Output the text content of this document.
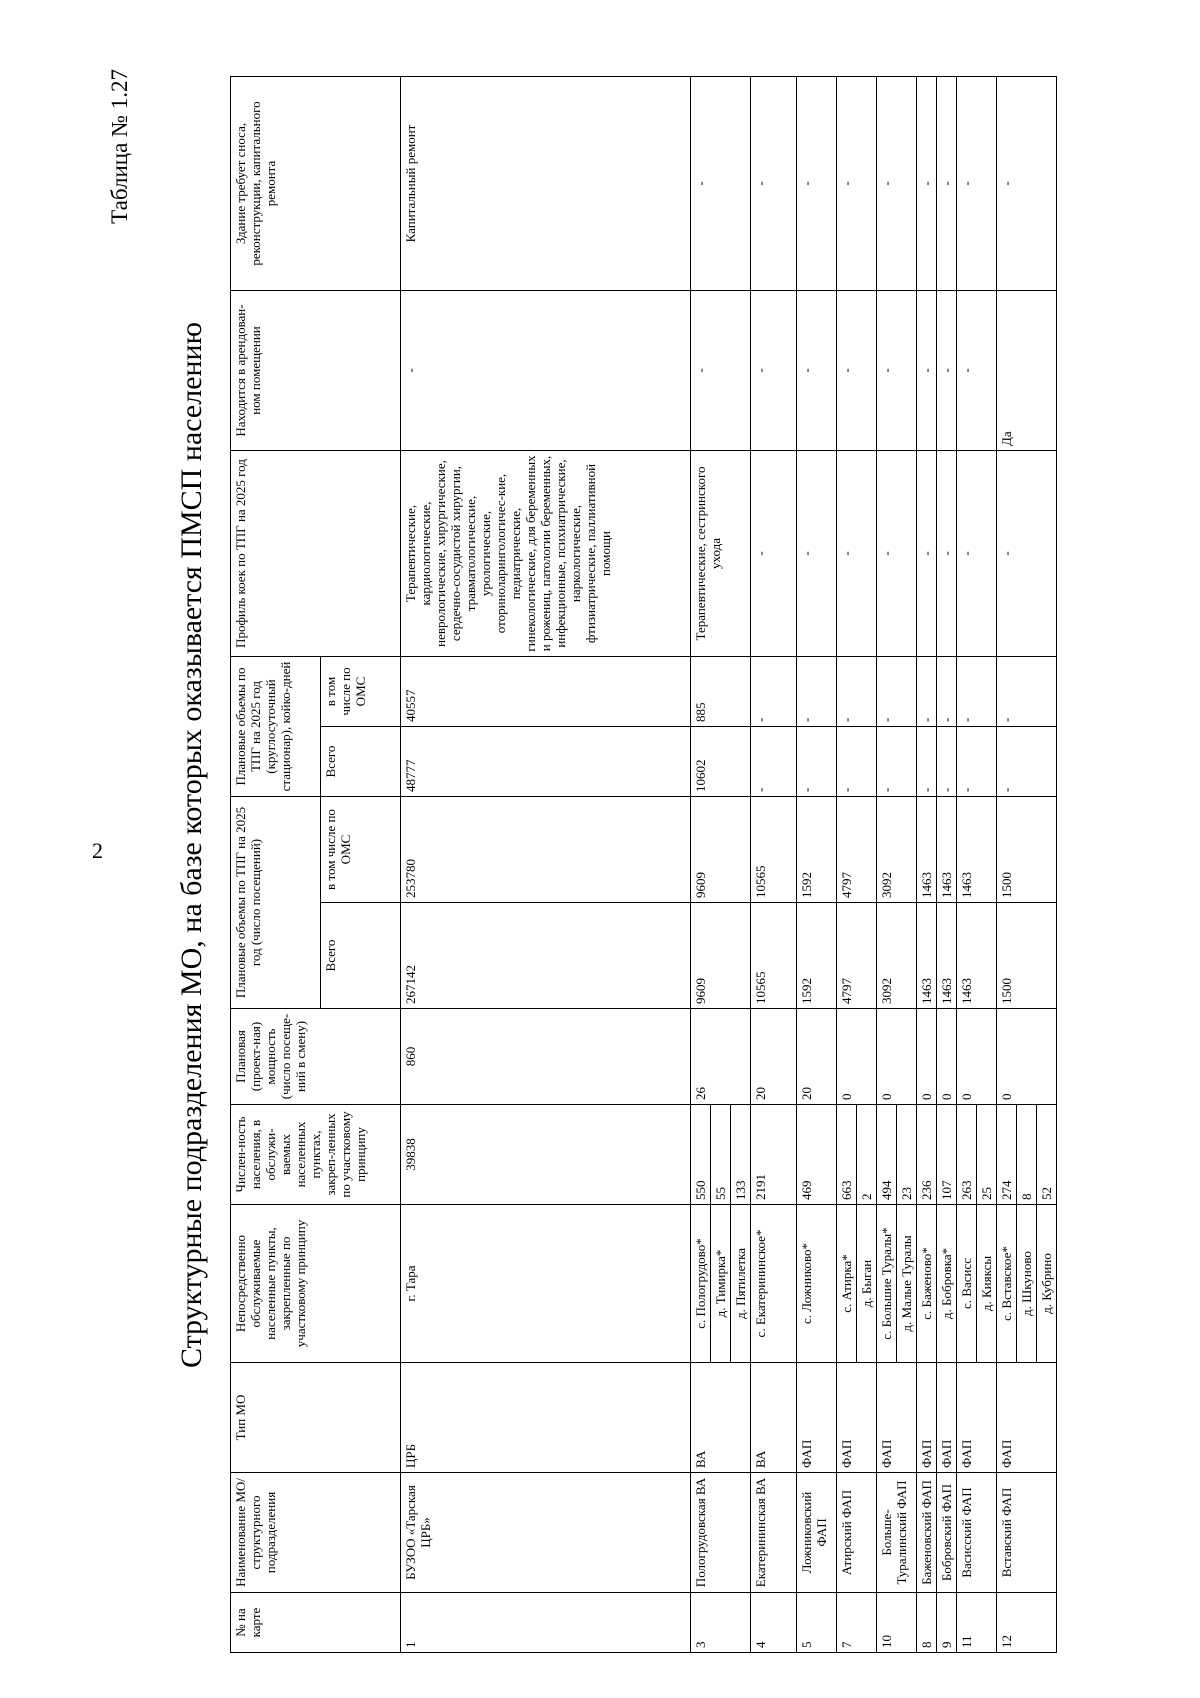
2
Таблица № 1.27
Структурные подразделения МО, на базе которых оказывается ПМСП населению
№ на карте	Наименование МО/ структурного подразделения	Тип МО	Непосредственно обслуживаемые населенные пункты, закрепленные по участковому принципу	Числен-ность населения, в обслужи-ваемых населенных пунктах, закреп-ленных по участковому принципу	Плановая (проект-ная) мощность (число посеще-ний в смену)	Плановые объемы по ТПГ на 2025 год (число посещений)		Плановые объемы по ТПГ на 2025 год (круглосуточный стационар), койко-дней		Профиль коек по ТПГ на 2025 год	Находится в арендован-ном помещении	Здание требует сноса, реконструкции, капитального ремонта
						Всего	в том числе по ОМС	Всего	в том числе по ОМС			
1	БУЗОО «Тарская ЦРБ»	ЦРБ	г. Тара	39838	860	267142	253780	48777	40557	Терапевтические, кардиологические, неврологические, хирургические, сердечно-сосудистой хирургии, травматологические, урологические, оториноларингологичес-кие, педиатрические, гинекологические, для беременных и рожениц, патологии беременных, инфекционные, психиатрические, наркологические, фтизиатрические, паллиативной помощи	-	Капитальный ремонт
3	Пологрудовская ВА	ВА	с. Пологрудово*	550	26	9609	9609	10602	885	Терапевтические, сестринского ухода	-	-
			д. Тимирка*	55								
			д. Пятилетка	133								
4	Екатерининская ВА	ВА	с. Екатерининское*	2191	20	10565	10565	-	-	-	-	-
5	Ложниковский ФАП	ФАП	с. Ложниково*	469	20	1592	1592	-	-	-	-	-
7	Атирский ФАП	ФАП	с. Атирка*	663	0	4797	4797	-	-	-	-	-
			д. Быган	2								
10	Больше-Туралинский ФАП	ФАП	с. Большие Туралы*	494	0	3092	3092	-	-	-	-	-
			д. Малые Туралы	23								
8	Баженовский ФАП	ФАП	с. Баженово*	236	0	1463	1463	-	-	-	-	-
9	Бобровский ФАП	ФАП	д. Бобровка*	107	0	1463	1463	-	-	-	-	-
11	Васисский ФАП	ФАП	с. Васисс	263	0	1463	1463	-	-	-	-	-
			д. Кияксы	25								
12	Вставский ФАП	ФАП	с. Вставское*	274	0	1500	1500	-	-	-	Да	-
			д. Шкуново	8								
			д. Кубрино	52								
